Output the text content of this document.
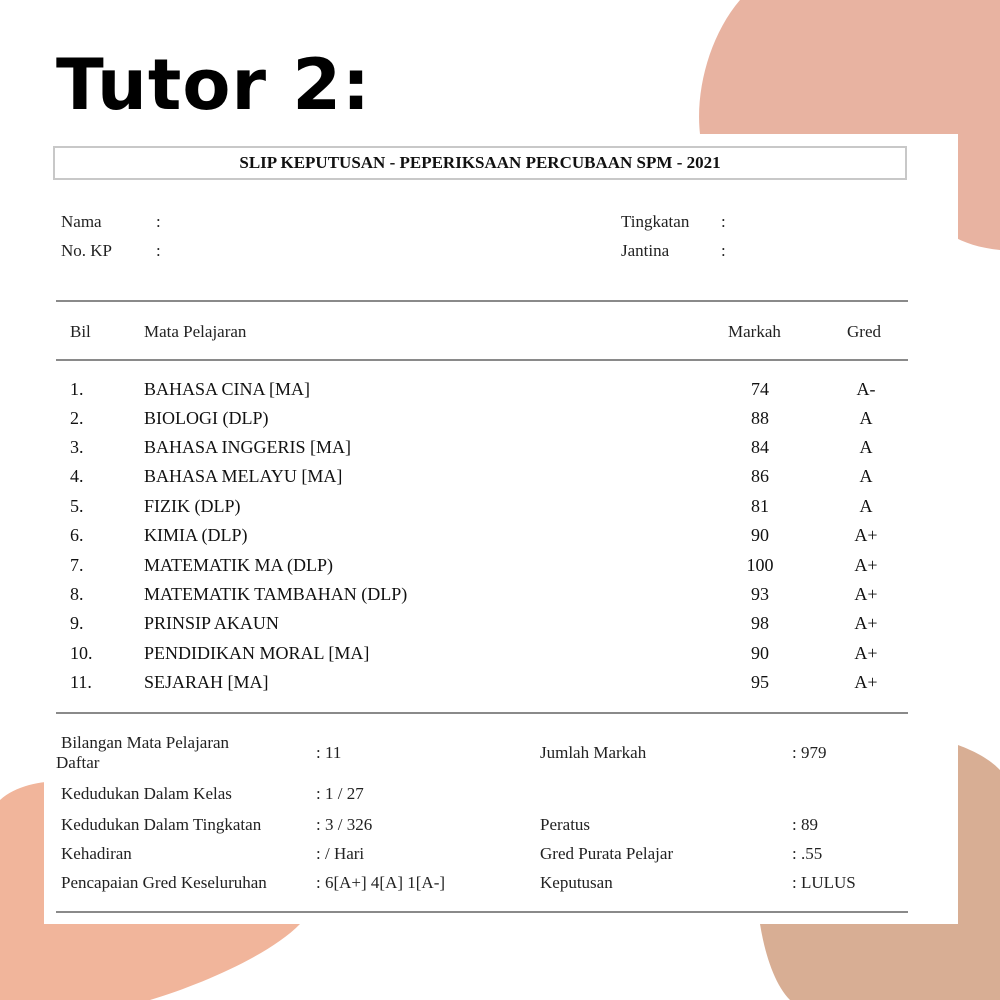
Tutor 2:
SLIP KEPUTUSAN - PEPERIKSAAN PERCUBAAN SPM - 2021
Nama	:
No. KP	:
Tingkatan :
Jantina	:
Bil	Mata Pelajaran	Markah	Gred
1.	BAHASA CINA [MA]	74	A-
2.	BIOLOGI (DLP)	88	A
3.	BAHASA INGGERIS [MA]	84	A
4.	BAHASA MELAYU [MA]	86	A
5.	FIZIK (DLP)	81	A
6.	KIMIA (DLP)	90	A+
7.	MATEMATIK MA (DLP)	100	A+
8.	MATEMATIK TAMBAHAN (DLP)	93	A+
9.	PRINSIP AKAUN	98	A+
10.	PENDIDIKAN MORAL [MA]	90	A+
11.	SEJARAH [MA]	95	A+
Bilangan Mata Pelajaran
Daftar
: 11	Jumlah Markah	: 979
Kedudukan Dalam Kelas	: 1 / 27
Kedudukan Dalam Tingkatan	: 3 / 326	Peratus	: 89
Kehadiran	: / Hari	Gred Purata Pelajar	: .55
Pencapaian Gred Keseluruhan	: 6[A+] 4[A] 1[A-]	Keputusan	: LULUS
